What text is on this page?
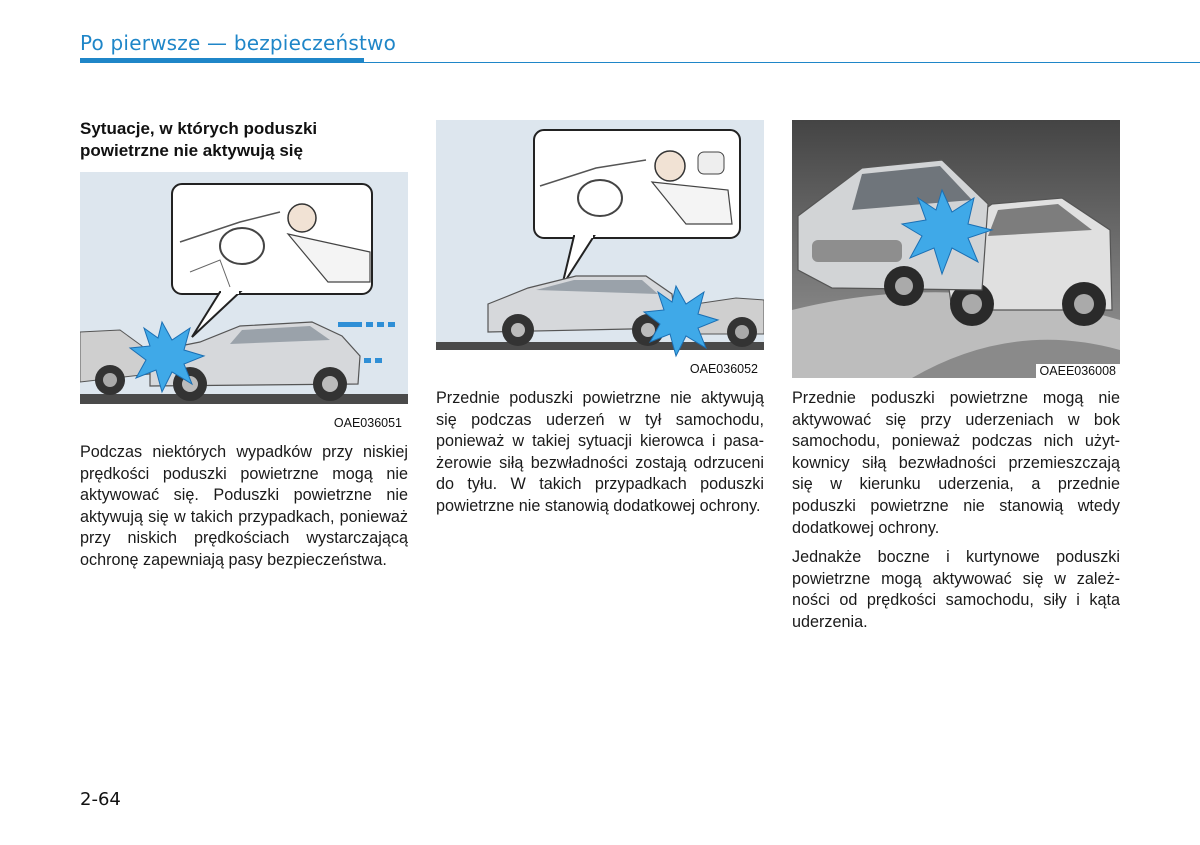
Po pierwsze — bezpieczeństwo
Sytuacje, w których poduszki
powietrzne nie aktywują się
OAE036051
OAE036052	OAEE036008

Podczas niektórych wypadków przy niskiej prędkości poduszki powietrzne mogą nie aktywować się. Poduszki powietrzne nie aktywują się w takich przypadkach, ponieważ przy niskich prędkościach wystarczającą ochronę zapewniają pasy bezpieczeństwa.

Przednie poduszki powietrzne nie aktywują się podczas uderzeń w tył samochodu, ponieważ w takiej sytuacji kierowca i pasażerowie siłą bezwładności zostają odrzuceni do tyłu. W takich przypadkach poduszki powietrzne nie stanowią dodatkowej ochrony.

Przednie poduszki powietrzne mogą nie aktywować się przy uderzeniach w bok samochodu, ponieważ podczas nich użytkownicy siłą bezwładności przemieszczają się w kierunku uderzenia, a przednie poduszki powietrzne nie stanowią wtedy dodatkowej ochrony.

Jednakże boczne i kurtynowe poduszki powietrzne mogą aktywować się w zależności od prędkości samochodu, siły i kąta uderzenia.

2-64
